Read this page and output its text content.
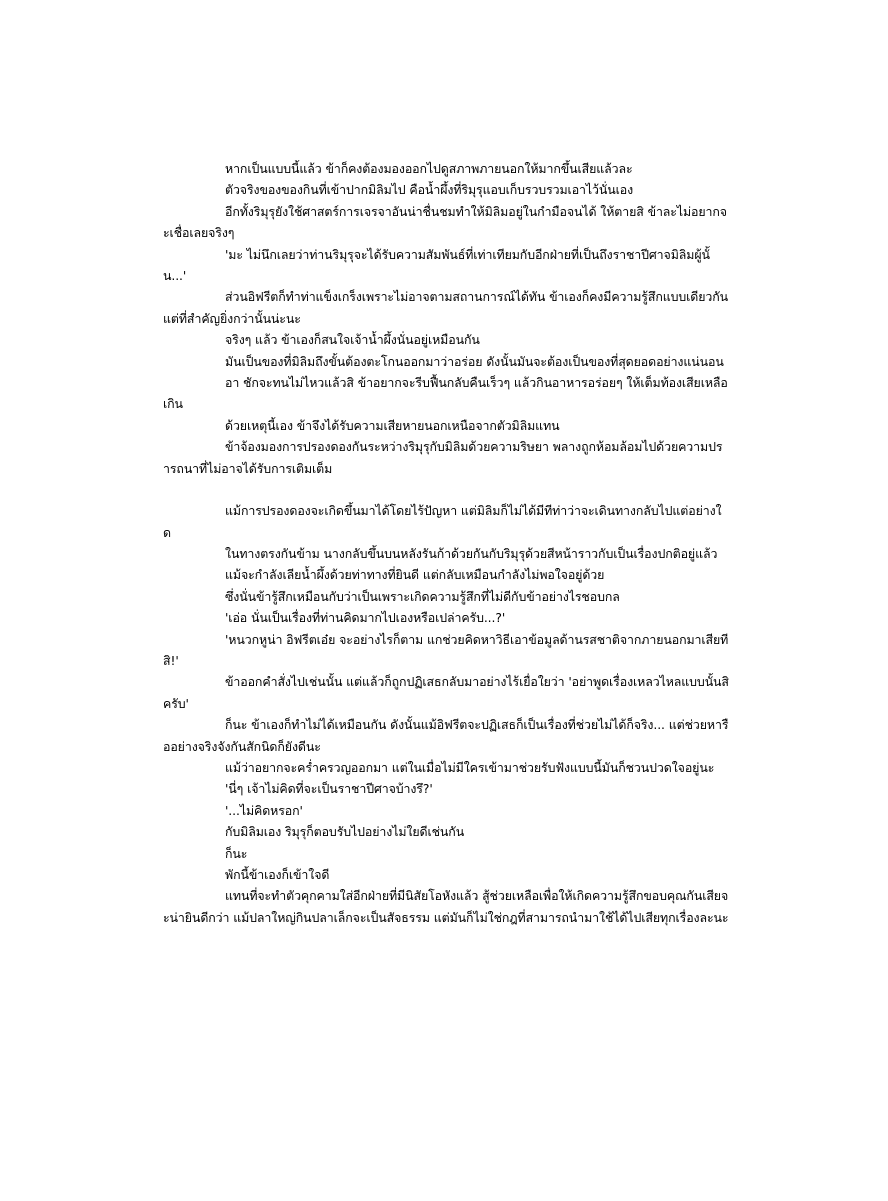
หากเป็นแบบนี้แล้ว ข้าก็คงต้องมองออกไปดูสภาพภายนอกให้มากขึ้นเสียแล้วละ

ตัวจริงของของกินที่เข้าปากมิลิมไป คือน้ำผึ้งที่ริมุรุแอบเก็บรวบรวมเอาไว้นั่นเอง

อีกทั้งริมุรุยังใช้ศาสตร์การเจรจาอันน่าชื่นชมทำให้มิลิมอยู่ในกำมือจนได้ ให้ตายสิ ข้าละไม่อยากจะเชื่อเลยจริงๆ

'มะ ไม่นึกเลยว่าท่านริมุรุจะได้รับความสัมพันธ์ที่เท่าเทียมกับอีกฝ่ายที่เป็นถึงราชาปีศาจมิลิมผู้นั้น...'

ส่วนอิฟรีตก็ทำท่าแข็งเกร็งเพราะไม่อาจตามสถานการณ์ได้ทัน ข้าเองก็คงมีความรู้สึกแบบเดียวกัน แต่ที่สำคัญยิ่งกว่านั้นน่ะนะ

จริงๆ แล้ว ข้าเองก็สนใจเจ้าน้ำผึ้งนั่นอยู่เหมือนกัน

มันเป็นของที่มิลิมถึงขั้นต้องตะโกนออกมาว่าอร่อย ดังนั้นมันจะต้องเป็นของที่สุดยอดอย่างแน่นอน

อา ชักจะทนไม่ไหวแล้วสิ ข้าอยากจะรีบฟื้นกลับคืนเร็วๆ แล้วกินอาหารอร่อยๆ ให้เต็มท้องเสียเหลือเกิน

ด้วยเหตุนี้เอง ข้าจึงได้รับความเสียหายนอกเหนือจากตัวมิลิมแทน

ข้าจ้องมองการปรองดองกันระหว่างริมุรุกับมิลิมด้วยความริษยา พลางถูกห้อมล้อมไปด้วยความปรารถนาที่ไม่อาจได้รับการเติมเต็ม

แม้การปรองดองจะเกิดขึ้นมาได้โดยไร้ปัญหา แต่มิลิมก็ไม่ได้มีทีท่าว่าจะเดินทางกลับไปแต่อย่างใด

ในทางตรงกันข้าม นางกลับขึ้นบนหลังรันก้าด้วยกันกับริมุรุด้วยสีหน้าราวกับเป็นเรื่องปกติอยู่แล้ว

แม้จะกำลังเลียน้ำผึ้งด้วยท่าทางที่ยินดี แต่กลับเหมือนกำลังไม่พอใจอยู่ด้วย

ซึ่งนั่นข้ารู้สึกเหมือนกับว่าเป็นเพราะเกิดความรู้สึกที่ไม่ดีกับข้าอย่างไรชอบกล

'เอ่อ นั่นเป็นเรื่องที่ท่านคิดมากไปเองหรือเปล่าครับ...?'

'หนวกหูน่า อิฟรีตเอ๋ย จะอย่างไรก็ตาม แกช่วยคิดหาวิธีเอาข้อมูลด้านรสชาติจากภายนอกมาเสียทีสิ!'

ข้าออกคำสั่งไปเช่นนั้น แต่แล้วก็ถูกปฏิเสธกลับมาอย่างไร้เยื่อใยว่า 'อย่าพูดเรื่องเหลวไหลแบบนั้นสิครับ'

ก็นะ ข้าเองก็ทำไม่ได้เหมือนกัน ดังนั้นแม้อิฟรีตจะปฏิเสธก็เป็นเรื่องที่ช่วยไม่ได้ก็จริง... แต่ช่วยหารืออย่างจริงจังกันสักนิดก็ยังดีนะ

แม้ว่าอยากจะคร่ำครวญออกมา แต่ในเมื่อไม่มีใครเข้ามาช่วยรับฟังแบบนี้มันก็ชวนปวดใจอยู่นะ

'นี่ๆ เจ้าไม่คิดที่จะเป็นราชาปีศาจบ้างรึ?'

'...ไม่คิดหรอก'

กับมิลิมเอง ริมุรุก็ตอบรับไปอย่างไม่ใยดีเช่นกัน

ก็นะ

พักนี้ข้าเองก็เข้าใจดี

แทนที่จะทำตัวคุกคามใส่อีกฝ่ายที่มีนิสัยโอหังแล้ว สู้ช่วยเหลือเพื่อให้เกิดความรู้สึกขอบคุณกันเสียจะน่ายินดีกว่า แม้ปลาใหญ่กินปลาเล็กจะเป็นสัจธรรม แต่มันก็ไม่ใช่กฎที่สามารถนำมาใช้ได้ไปเสียทุกเรื่องละนะ
